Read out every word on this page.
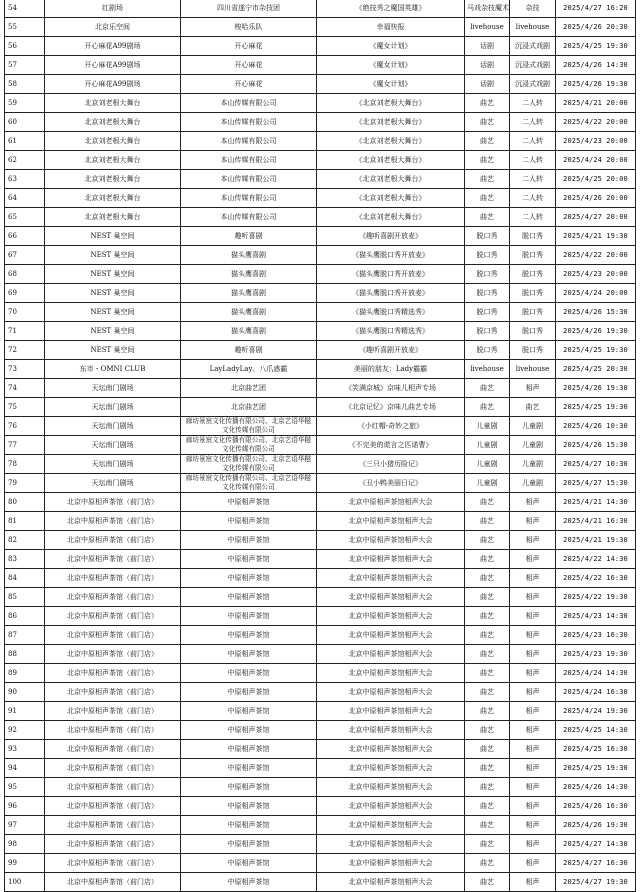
54	红剧场	四川省遂宁市杂技团	《绝技秀之魔国英雄》	马戏杂技魔术	杂技	2025/4/27 16:20
55	北京乐空间	梭哈乐队	幸福快报	livehouse	livehouse	2025/4/26 20:30
56	开心麻花A99剧场	开心麻花	《魔女计划》	话剧	沉浸式戏剧	2025/4/25 19:30
57	开心麻花A99剧场	开心麻花	《魔女计划》	话剧	沉浸式戏剧	2025/4/26 14:30
58	开心麻花A99剧场	开心麻花	《魔女计划》	话剧	沉浸式戏剧	2025/4/26 19:30
59	北京刘老根大舞台	本山传媒有限公司	《北京刘老根大舞台》	曲艺	二人转	2025/4/21 20:00
60	北京刘老根大舞台	本山传媒有限公司	《北京刘老根大舞台》	曲艺	二人转	2025/4/22 20:00
61	北京刘老根大舞台	本山传媒有限公司	《北京刘老根大舞台》	曲艺	二人转	2025/4/23 20:00
62	北京刘老根大舞台	本山传媒有限公司	《北京刘老根大舞台》	曲艺	二人转	2025/4/24 20:00
63	北京刘老根大舞台	本山传媒有限公司	《北京刘老根大舞台》	曲艺	二人转	2025/4/25 20:00
64	北京刘老根大舞台	本山传媒有限公司	《北京刘老根大舞台》	曲艺	二人转	2025/4/26 20:00
65	北京刘老根大舞台	本山传媒有限公司	《北京刘老根大舞台》	曲艺	二人转	2025/4/27 20:00
66	NEST 巢空间	趣听喜剧	《趣听喜剧开放麦》	脱口秀	脱口秀	2025/4/21 19:30
67	NEST 巢空间	猫头鹰喜剧	《猫头鹰脱口秀开放麦》	脱口秀	脱口秀	2025/4/22 20:00
68	NEST 巢空间	猫头鹰喜剧	《猫头鹰脱口秀开放麦》	脱口秀	脱口秀	2025/4/23 20:00
69	NEST 巢空间	猫头鹰喜剧	《猫头鹰脱口秀开放麦》	脱口秀	脱口秀	2025/4/24 20:00
70	NEST 巢空间	猫头鹰喜剧	《猫头鹰脱口秀精选秀》	脱口秀	脱口秀	2025/4/26 15:30
71	NEST 巢空间	猫头鹰喜剧	《猫头鹰脱口秀精选秀》	脱口秀	脱口秀	2025/4/26 19:30
72	NEST 巢空间	趣听喜剧	《趣听喜剧开放麦》	脱口秀	脱口秀	2025/4/25 19:30
73	东市・OMNI CLUB	LayLadyLay、八爪惑霸	美丽的朋友：Lady霸霸	livehouse	livehouse	2025/4/25 20:30
74	天坛南门剧场	北京曲艺团	《笑满京城》京味儿相声专场	曲艺	相声	2025/4/26 19:30
75	天坛南门剧场	北京曲艺团	《北京记忆》京味儿曲艺专场	曲艺	曲艺	2025/4/25 19:30
76	天坛南门剧场	廊坊景宸文化传播有限公司、北京艺语华糍文化传媒有限公司	《小红帽-奇妙之旅》	儿童剧	儿童剧	2025/4/26 10:30
77	天坛南门剧场	廊坊景宸文化传播有限公司、北京艺语华糍文化传媒有限公司	《不完美的谎言之匹诺曹》	儿童剧	儿童剧	2025/4/26 15:30
78	天坛南门剧场	廊坊景宸文化传播有限公司、北京艺语华糍文化传媒有限公司	《三只小猪历险记》	儿童剧	儿童剧	2025/4/27 10:30
79	天坛南门剧场	廊坊景宸文化传播有限公司、北京艺语华糍文化传媒有限公司	《丑小鸭美丽日记》	儿童剧	儿童剧	2025/4/27 15:30
80	北京中原相声茶馆（前门店）	中原相声茶馆	北京中原相声茶馆相声大会	曲艺	相声	2025/4/21 14:30
81	北京中原相声茶馆（前门店）	中原相声茶馆	北京中原相声茶馆相声大会	曲艺	相声	2025/4/21 16:30
82	北京中原相声茶馆（前门店）	中原相声茶馆	北京中原相声茶馆相声大会	曲艺	相声	2025/4/21 19:30
83	北京中原相声茶馆（前门店）	中原相声茶馆	北京中原相声茶馆相声大会	曲艺	相声	2025/4/22 14:30
84	北京中原相声茶馆（前门店）	中原相声茶馆	北京中原相声茶馆相声大会	曲艺	相声	2025/4/22 16:30
85	北京中原相声茶馆（前门店）	中原相声茶馆	北京中原相声茶馆相声大会	曲艺	相声	2025/4/22 19:30
86	北京中原相声茶馆（前门店）	中原相声茶馆	北京中原相声茶馆相声大会	曲艺	相声	2025/4/23 14:30
87	北京中原相声茶馆（前门店）	中原相声茶馆	北京中原相声茶馆相声大会	曲艺	相声	2025/4/23 16:30
88	北京中原相声茶馆（前门店）	中原相声茶馆	北京中原相声茶馆相声大会	曲艺	相声	2025/4/23 19:30
89	北京中原相声茶馆（前门店）	中原相声茶馆	北京中原相声茶馆相声大会	曲艺	相声	2025/4/24 14:30
90	北京中原相声茶馆（前门店）	中原相声茶馆	北京中原相声茶馆相声大会	曲艺	相声	2025/4/24 16:30
91	北京中原相声茶馆（前门店）	中原相声茶馆	北京中原相声茶馆相声大会	曲艺	相声	2025/4/24 19:30
92	北京中原相声茶馆（前门店）	中原相声茶馆	北京中原相声茶馆相声大会	曲艺	相声	2025/4/25 14:30
93	北京中原相声茶馆（前门店）	中原相声茶馆	北京中原相声茶馆相声大会	曲艺	相声	2025/4/25 16:30
94	北京中原相声茶馆（前门店）	中原相声茶馆	北京中原相声茶馆相声大会	曲艺	相声	2025/4/25 19:30
95	北京中原相声茶馆（前门店）	中原相声茶馆	北京中原相声茶馆相声大会	曲艺	相声	2025/4/26 14:30
96	北京中原相声茶馆（前门店）	中原相声茶馆	北京中原相声茶馆相声大会	曲艺	相声	2025/4/26 16:30
97	北京中原相声茶馆（前门店）	中原相声茶馆	北京中原相声茶馆相声大会	曲艺	相声	2025/4/26 19:30
98	北京中原相声茶馆（前门店）	中原相声茶馆	北京中原相声茶馆相声大会	曲艺	相声	2025/4/27 14:30
99	北京中原相声茶馆（前门店）	中原相声茶馆	北京中原相声茶馆相声大会	曲艺	相声	2025/4/27 16:30
100	北京中原相声茶馆（前门店）	中原相声茶馆	北京中原相声茶馆相声大会	曲艺	相声	2025/4/27 19:30
